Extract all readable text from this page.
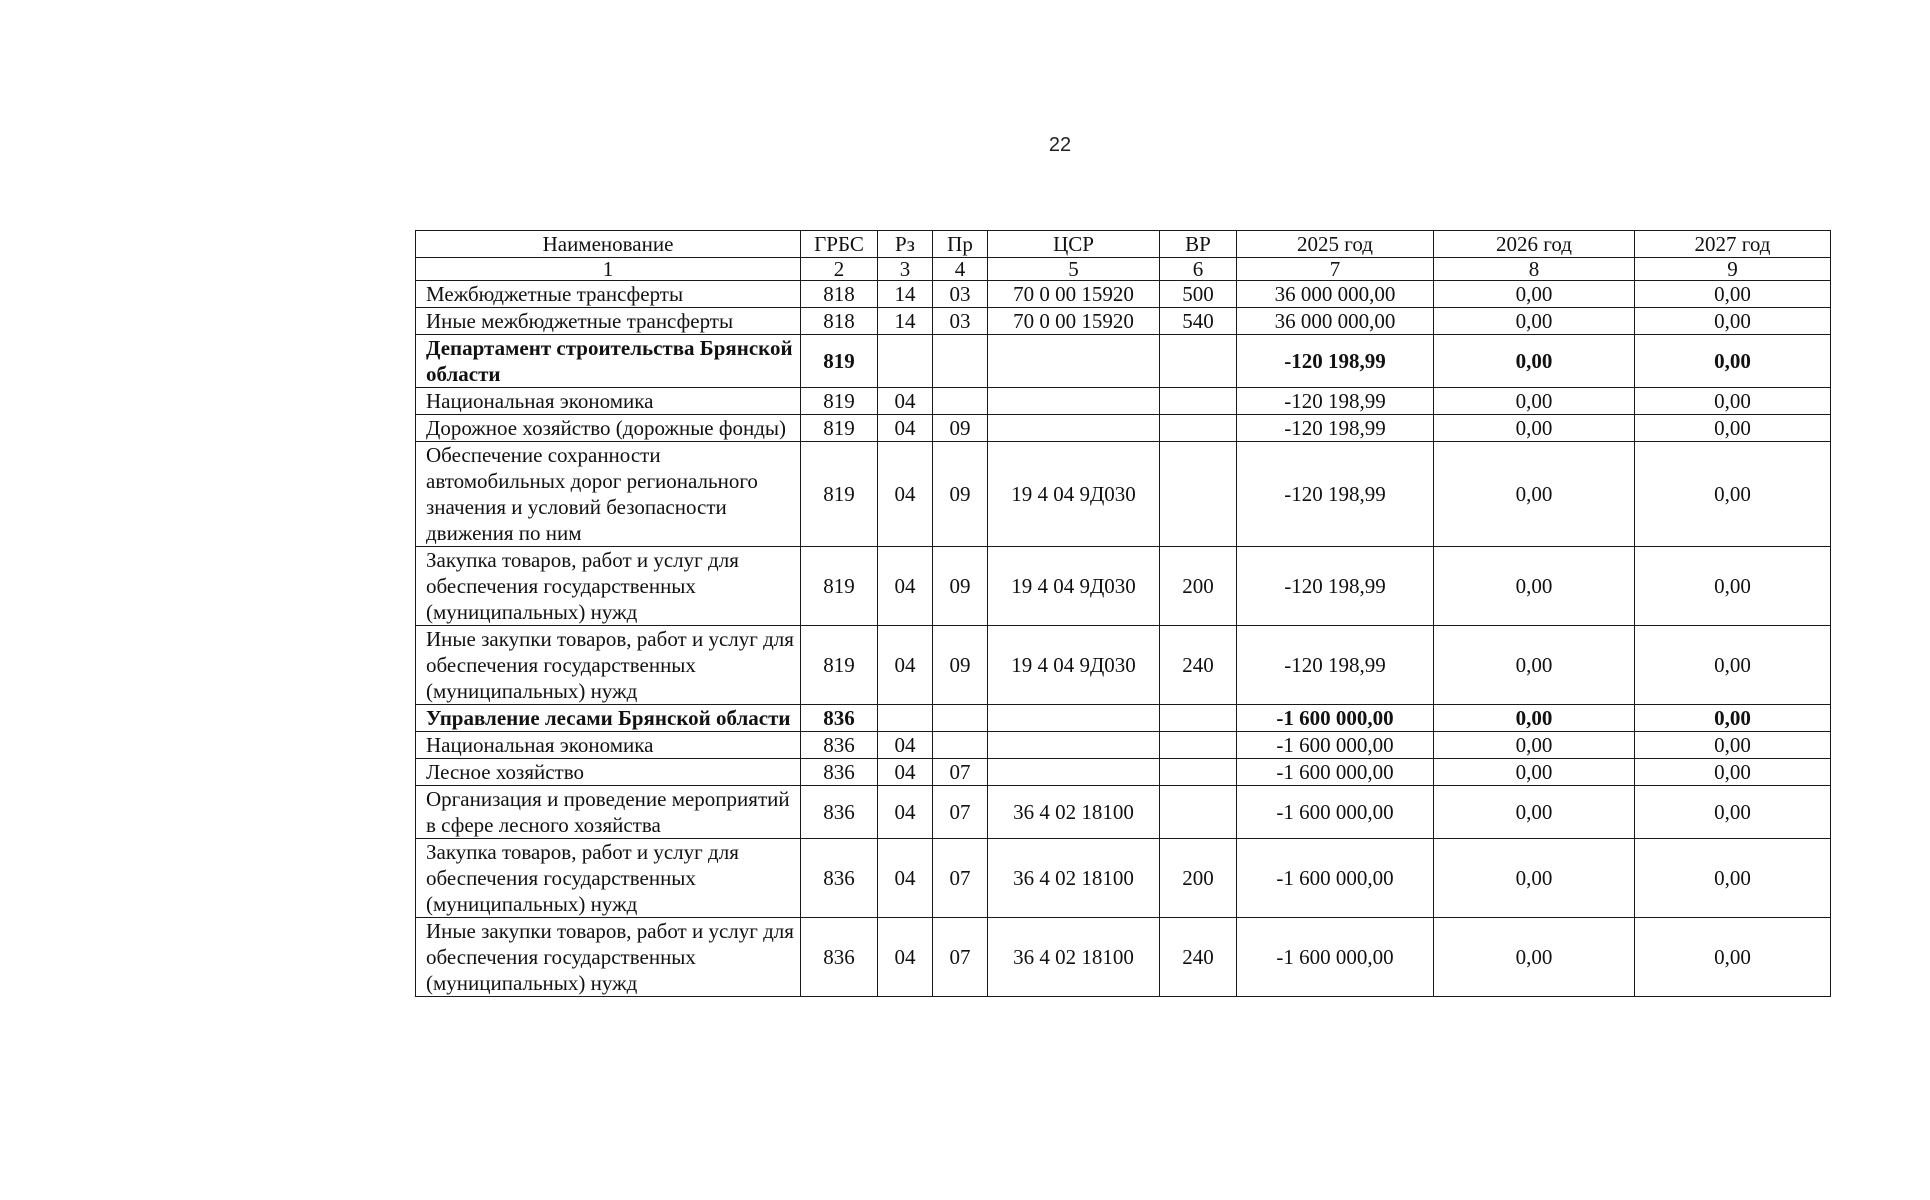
22
Наименование	ГРБС	Рз	Пр	ЦСР	ВР	2025 год	2026 год	2027 год
1	2	3	4	5	6	7	8	9
Межбюджетные трансферты	818	14	03	70 0 00 15920	500	36 000 000,00	0,00	0,00
Иные межбюджетные трансферты	818	14	03	70 0 00 15920	540	36 000 000,00	0,00	0,00
Департамент строительства Брянской области	819					-120 198,99	0,00	0,00
Национальная экономика	819	04				-120 198,99	0,00	0,00
Дорожное хозяйство (дорожные фонды)	819	04	09			-120 198,99	0,00	0,00
Обеспечение сохранности автомобильных дорог регионального значения и условий безопасности движения по ним	819	04	09	19 4 04 9Д030		-120 198,99	0,00	0,00
Закупка товаров, работ и услуг для обеспечения государственных (муниципальных) нужд	819	04	09	19 4 04 9Д030	200	-120 198,99	0,00	0,00
Иные закупки товаров, работ и услуг для обеспечения государственных (муниципальных) нужд	819	04	09	19 4 04 9Д030	240	-120 198,99	0,00	0,00
Управление лесами Брянской области	836					-1 600 000,00	0,00	0,00
Национальная экономика	836	04				-1 600 000,00	0,00	0,00
Лесное хозяйство	836	04	07			-1 600 000,00	0,00	0,00
Организация и проведение мероприятий в сфере лесного хозяйства	836	04	07	36 4 02 18100		-1 600 000,00	0,00	0,00
Закупка товаров, работ и услуг для обеспечения государственных (муниципальных) нужд	836	04	07	36 4 02 18100	200	-1 600 000,00	0,00	0,00
Иные закупки товаров, работ и услуг для обеспечения государственных (муниципальных) нужд	836	04	07	36 4 02 18100	240	-1 600 000,00	0,00	0,00
